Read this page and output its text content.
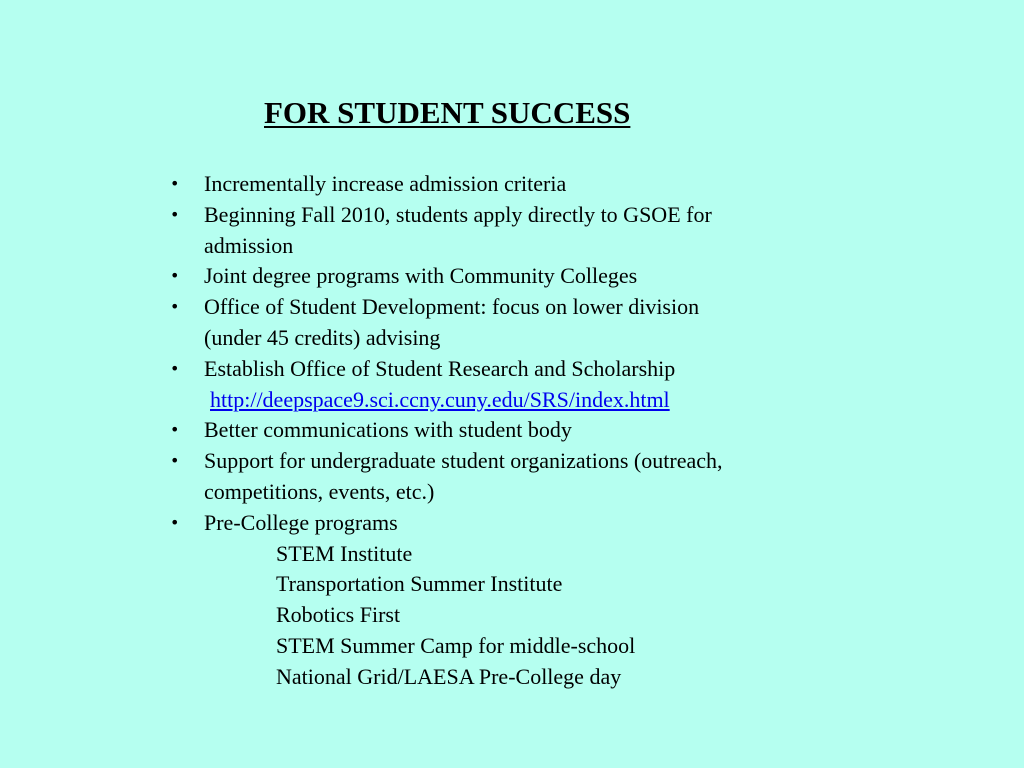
FOR STUDENT SUCCESS
• Incrementally increase admission criteria
• Beginning Fall 2010, students apply directly to GSOE for
admission
• Joint degree programs with Community Colleges
• Office of Student Development: focus on lower division
(under 45 credits) advising
• Establish Office of Student Research and Scholarship
http://deepspace9.sci.ccny.cuny.edu/SRS/index.html
• Better communications with student body
• Support for undergraduate student organizations (outreach,
competitions, events, etc.)
• Pre-College programs
STEM Institute
Transportation Summer Institute
Robotics First
STEM Summer Camp for middle-school
National Grid/LAESA Pre-College day
